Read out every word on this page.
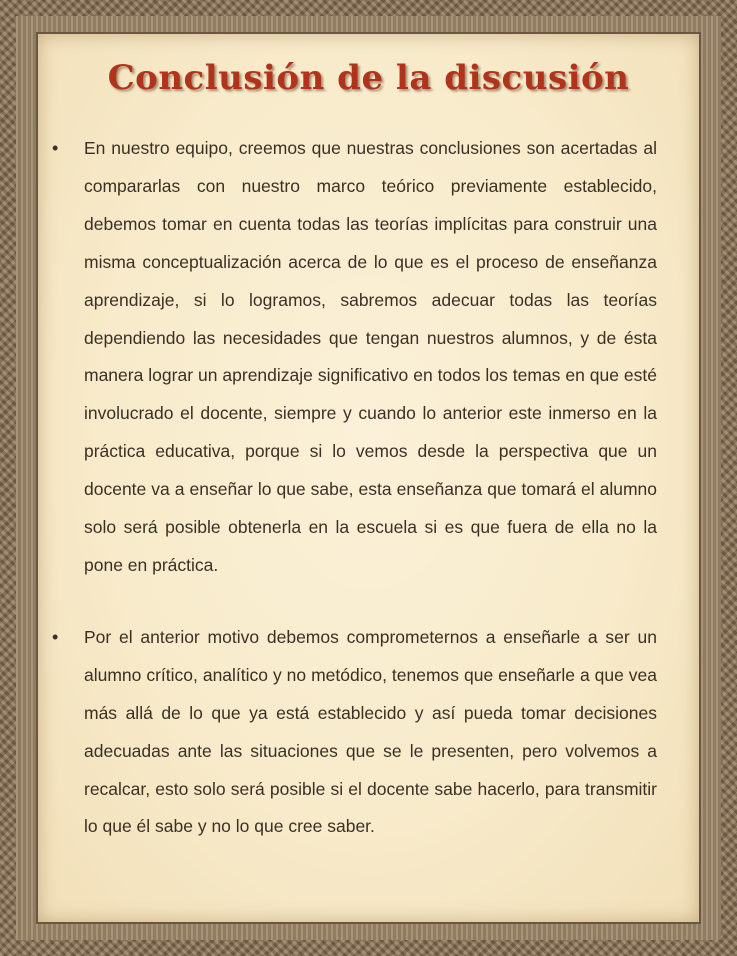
Conclusión de la discusión
• En nuestro equipo, creemos que nuestras conclusiones son acertadas al compararlas con nuestro marco teórico previamente establecido, debemos tomar en cuenta todas las teorías implícitas para construir una misma conceptualización acerca de lo que es el proceso de enseñanza aprendizaje, si lo logramos, sabremos adecuar todas las teorías dependiendo las necesidades que tengan nuestros alumnos, y de ésta manera lograr un aprendizaje significativo en todos los temas en que esté involucrado el docente, siempre y cuando lo anterior este inmerso en la práctica educativa, porque si lo vemos desde la perspectiva que un docente va a enseñar lo que sabe, esta enseñanza que tomará el alumno solo será posible obtenerla en la escuela si es que fuera de ella no la pone en práctica.

• Por el anterior motivo debemos comprometernos a enseñarle a ser un alumno crítico, analítico y no metódico, tenemos que enseñarle a que vea más allá de lo que ya está establecido y así pueda tomar decisiones adecuadas ante las situaciones que se le presenten, pero volvemos a recalcar, esto solo será posible si el docente sabe hacerlo, para transmitir lo que él sabe y no lo que cree saber.
